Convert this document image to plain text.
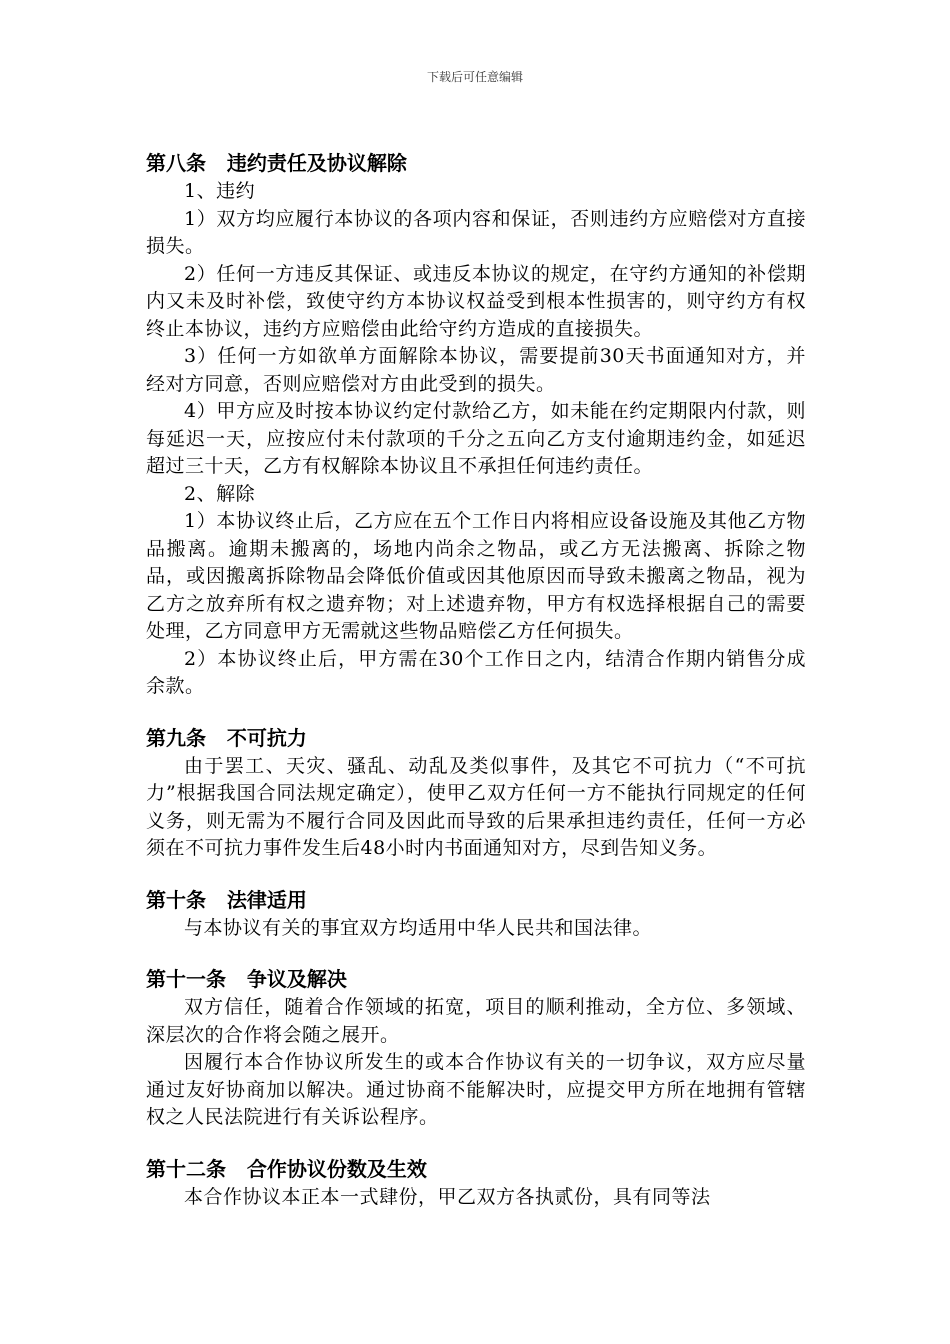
下载后可任意编辑
第八条   违约责任及协议解除

1、违约

1）双方均应履行本协议的各项内容和保证，否则违约方应赔偿对方直接损失。

2）任何一方违反其保证、或违反本协议的规定，在守约方通知的补偿期内又未及时补偿，致使守约方本协议权益受到根本性损害的，则守约方有权终止本协议，违约方应赔偿由此给守约方造成的直接损失。

3）任何一方如欲单方面解除本协议，需要提前30天书面通知对方，并经对方同意，否则应赔偿对方由此受到的损失。

4）甲方应及时按本协议约定付款给乙方，如未能在约定期限内付款，则每延迟一天，应按应付未付款项的千分之五向乙方支付逾期违约金，如延迟超过三十天，乙方有权解除本协议且不承担任何违约责任。

2、解除

1）本协议终止后，乙方应在五个工作日内将相应设备设施及其他乙方物品搬离。逾期未搬离的，场地内尚余之物品，或乙方无法搬离、拆除之物品，或因搬离拆除物品会降低价值或因其他原因而导致未搬离之物品，视为乙方之放弃所有权之遗弃物；对上述遗弃物，甲方有权选择根据自己的需要处理，乙方同意甲方无需就这些物品赔偿乙方任何损失。

2）本协议终止后，甲方需在30个工作日之内，结清合作期内销售分成余款。

第九条   不可抗力

由于罢工、天灾、骚乱、动乱及类似事件，及其它不可抗力（“不可抗力”根据我国合同法规定确定），使甲乙双方任何一方不能执行同规定的任何义务，则无需为不履行合同及因此而导致的后果承担违约责任，任何一方必须在不可抗力事件发生后48小时内书面通知对方，尽到告知义务。

第十条   法律适用

与本协议有关的事宜双方均适用中华人民共和国法律。

第十一条   争议及解决

双方信任，随着合作领域的拓宽，项目的顺利推动，全方位、多领域、深层次的合作将会随之展开。

因履行本合作协议所发生的或本合作协议有关的一切争议，双方应尽量通过友好协商加以解决。通过协商不能解决时，应提交甲方所在地拥有管辖权之人民法院进行有关诉讼程序。

第十二条   合作协议份数及生效

本合作协议本正本一式肆份，甲乙双方各执贰份，具有同等法
